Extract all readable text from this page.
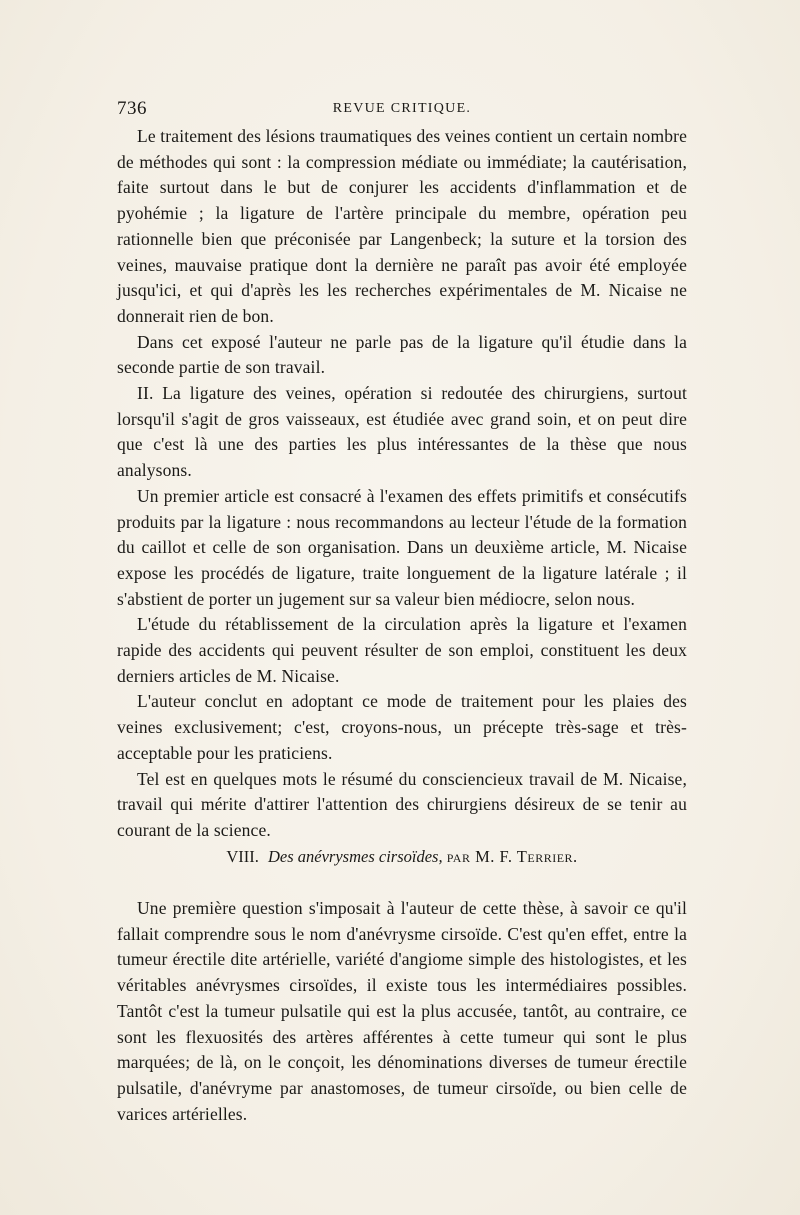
736	REVUE CRITIQUE.

Le traitement des lésions traumatiques des veines contient un certain nombre de méthodes qui sont : la compression médiate ou immédiate; la cautérisation, faite surtout dans le but de conjurer les accidents d'inflammation et de pyohémie ; la ligature de l'artère principale du membre, opération peu rationnelle bien que préconisée par Langenbeck; la suture et la torsion des veines, mauvaise pratique dont la dernière ne paraît pas avoir été employée jusqu'ici, et qui d'après les les recherches expérimentales de M. Nicaise ne donnerait rien de bon.

Dans cet exposé l'auteur ne parle pas de la ligature qu'il étudie dans la seconde partie de son travail.

II. La ligature des veines, opération si redoutée des chirurgiens, surtout lorsqu'il s'agit de gros vaisseaux, est étudiée avec grand soin, et on peut dire que c'est là une des parties les plus intéressantes de la thèse que nous analysons.

Un premier article est consacré à l'examen des effets primitifs et consécutifs produits par la ligature : nous recommandons au lecteur l'étude de la formation du caillot et celle de son organisation. Dans un deuxième article, M. Nicaise expose les procédés de ligature, traite longuement de la ligature latérale ; il s'abstient de porter un jugement sur sa valeur bien médiocre, selon nous.

L'étude du rétablissement de la circulation après la ligature et l'examen rapide des accidents qui peuvent résulter de son emploi, constituent les deux derniers articles de M. Nicaise.

L'auteur conclut en adoptant ce mode de traitement pour les plaies des veines exclusivement; c'est, croyons-nous, un précepte très-sage et très-acceptable pour les praticiens.

Tel est en quelques mots le résumé du consciencieux travail de M. Nicaise, travail qui mérite d'attirer l'attention des chirurgiens désireux de se tenir au courant de la science.

VIII. Des anévrysmes cirsoïdes, par M. F. Terrier.

Une première question s'imposait à l'auteur de cette thèse, à savoir ce qu'il fallait comprendre sous le nom d'anévrysme cirsoïde. C'est qu'en effet, entre la tumeur érectile dite artérielle, variété d'angiome simple des histologistes, et les véritables anévrysmes cirsoïdes, il existe tous les intermédiaires possibles. Tantôt c'est la tumeur pulsatile qui est la plus accusée, tantôt, au contraire, ce sont les flexuosités des artères afférentes à cette tumeur qui sont le plus marquées; de là, on le conçoit, les dénominations diverses de tumeur érectile pulsatile, d'anévryme par anastomoses, de tumeur cirsoïde, ou bien celle de varices artérielles.
